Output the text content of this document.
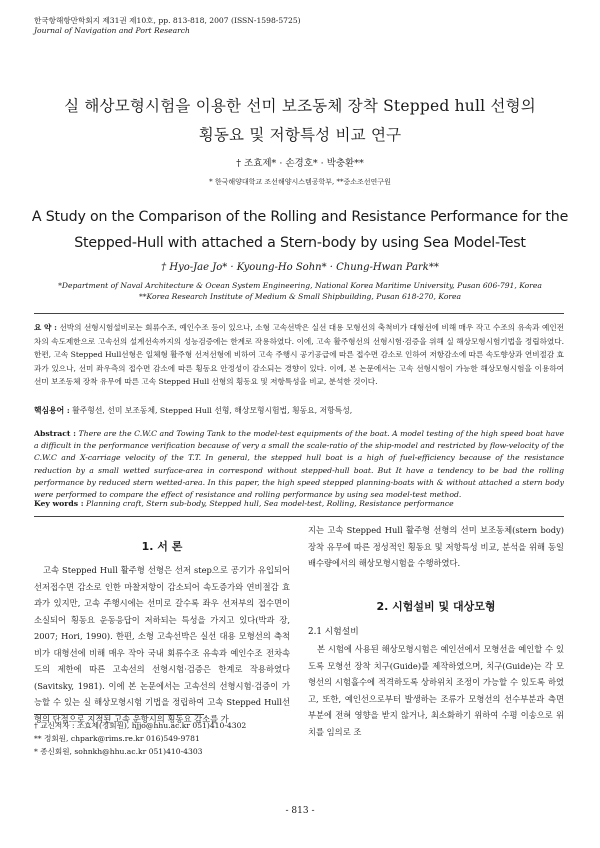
한국항해항만학회지 제31권 제10호, pp. 813-818, 2007 (ISSN-1598-5725)
Journal of Navigation and Port Research
실 해상모형시험을 이용한 선미 보조동체 장착 Stepped hull 선형의
횡동요 및 저항특성 비교 연구
† 조효제* · 손경호* · 박충환**
* 한국해양대학교 조선해양시스템공학부, **중소조선연구원
A Study on the Comparison of the Rolling and Resistance Performance for the
Stepped-Hull with attached a Stern-body by using Sea Model-Test
† Hyo-Jae Jo* · Kyoung-Ho Sohn* · Chung-Hwan Park**
*Department of Naval Architecture & Ocean System Engineering, National Korea Maritime University, Pusan 606-791, Korea
**Korea Research Institute of Medium & Small Shipbuilding, Pusan 618-270, Korea
요 약 : 선박의 선형시험설비로는 회류수조, 예인수조 등이 있으나, 소형 고속선박은 실선 대용 모형선의 축척비가 대형선에 비해 매우 작고 수조의 유속과 예인전차의 속도제한으로 고속선의 설계선속까지의 성능검증에는 한계로 작용하였다. 이에, 고속 활주형선의 선형시험·검증을 위해 실 해상모형시험기법을 정립하였다. 한편, 고속 Stepped Hull선형은 일체형 활주형 선저선형에 비하여 고속 주행시 공기공급에 따른 접수면 감소로 인하여 저항감소에 따른 속도향상과 연비절감 효과가 있으나, 선미 좌우측의 접수면 감소에 따른 횡동요 안정성이 감소되는 경향이 있다. 이에, 본 논문에서는 고속 선형시험이 가능한 해상모형시험을 이용하여 선미 보조동체 장착 유무에 따른 고속 Stepped Hull 선형의 횡동요 및 저항특성을 비교, 분석한 것이다.
핵심용어 : 활주형선, 선미 보조동체, Stepped Hull 선형, 해상모형시험법, 횡동요, 저항특성,
Abstract : There are the C.W.C and Towing Tank to the model-test equipments of the boat. A model testing of the high speed boat have a difficult in the performance verification because of very a small the scale-ratio of the ship-model and restricted by flow-velocity of the C.W.C and X-carriage velocity of the T.T. In general, the stepped hull boat is a high of fuel-efficiency because of the resistance reduction by a small wetted surface-area in correspond without stepped-hull boat. But It have a tendency to be bad the rolling performance by reduced stern wetted-area. In this paper, the high speed stepped planning-boats with & without attached a stern body were performed to compare the effect of resistance and rolling performance by using sea model-test method.
Key words : Planning craft, Stern sub-body, Stepped hull, Sea model-test, Rolling, Resistance performance
1. 서 론
고속 Stepped Hull 활주형 선형은 선저 step으로 공기가 유입되어 선저접수면 감소로 인한 마찰저항이 감소되어 속도증가와 연비절감 효과가 있지만, 고속 주행시에는 선미로 갈수록 좌우 선저부의 접수면이 소실되어 횡동요 운동응답이 저하되는 특성을 가지고 있다(박과 장, 2007; Hori, 1990). 한편, 소형 고속선박은 실선 대용 모형선의 축척비가 대형선에 비해 매우 작아 국내 회류수조 유속과 예인수조 전차속도의 제한에 따른 고속선의 선형시험·검증은 한계로 작용하였다(Savitsky, 1981). 이에 본 논문에서는 고속선의 선형시험·검증이 가능할 수 있는 실 해상모형시험 기법을 정립하여 고속 Stepped Hull선형의 단점으로 지적된 고속 운항시의 횡동요 감소를 가
지는 고속 Stepped Hull 활주형 선형의 선미 보조동체(stern body) 장착 유무에 따른 정성적인 횡동요 및 저항특성 비교, 분석을 위해 동일배수량에서의 해상모형시험을 수행하였다.
2. 시험설비 및 대상모형
2.1 시험설비
본 시험에 사용된 해상모형시험은 예인선에서 모형선을 예인할 수 있도록 모형선 장착 치구(Guide)를 제작하였으며, 치구(Guide)는 각 모형선의 시험흘수에 적격하도록 상하위치 조정이 가능할 수 있도록 하였고, 또한, 예인선으로부터 발생하는 조류가 모형선의 선수부분과 측면부분에 전혀 영향을 받지 않거나, 최소화하기 위하여 수평 이송으로 위치를 임의로 조
† 교신저자 : 조효제(정회원), hjjo@hhu.ac.kr 051)410-4302
** 정회원, chpark@rims.re.kr 016)549-9781
* 종신회원, sohnkh@hhu.ac.kr 051)410-4303
- 813 -
